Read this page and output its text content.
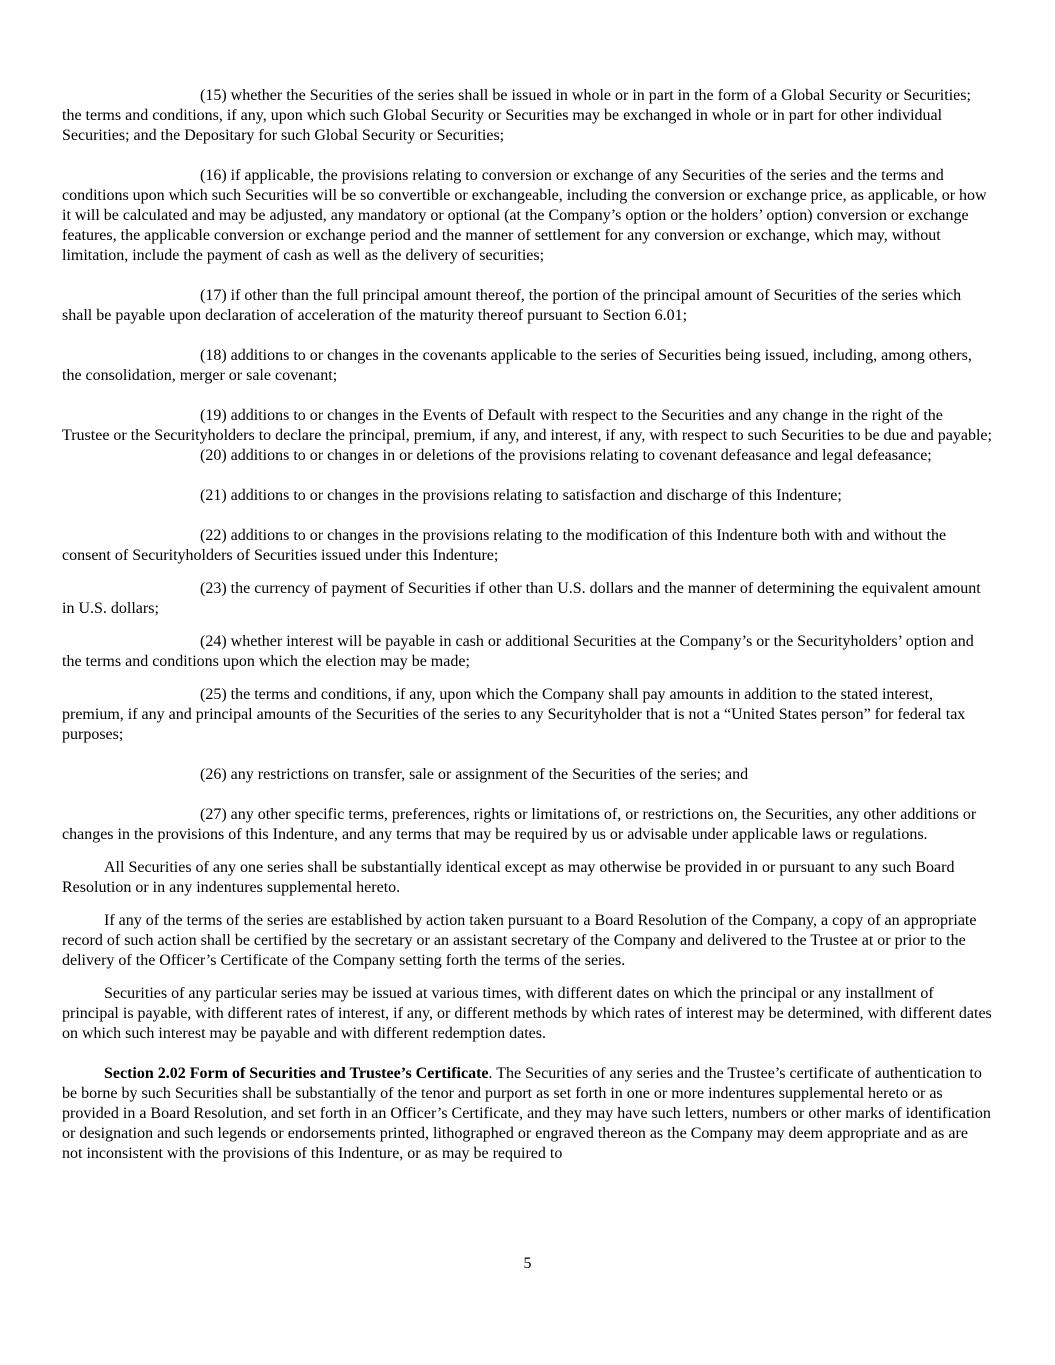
(15) whether the Securities of the series shall be issued in whole or in part in the form of a Global Security or Securities; the terms and conditions, if any, upon which such Global Security or Securities may be exchanged in whole or in part for other individual Securities; and the Depositary for such Global Security or Securities;

(16) if applicable, the provisions relating to conversion or exchange of any Securities of the series and the terms and conditions upon which such Securities will be so convertible or exchangeable, including the conversion or exchange price, as applicable, or how it will be calculated and may be adjusted, any mandatory or optional (at the Company’s option or the holders’ option) conversion or exchange features, the applicable conversion or exchange period and the manner of settlement for any conversion or exchange, which may, without limitation, include the payment of cash as well as the delivery of securities;

(17) if other than the full principal amount thereof, the portion of the principal amount of Securities of the series which shall be payable upon declaration of acceleration of the maturity thereof pursuant to Section 6.01;

(18) additions to or changes in the covenants applicable to the series of Securities being issued, including, among others, the consolidation, merger or sale covenant;

(19) additions to or changes in the Events of Default with respect to the Securities and any change in the right of the Trustee or the Securityholders to declare the principal, premium, if any, and interest, if any, with respect to such Securities to be due and payable;

(20) additions to or changes in or deletions of the provisions relating to covenant defeasance and legal defeasance;

(21) additions to or changes in the provisions relating to satisfaction and discharge of this Indenture;

(22) additions to or changes in the provisions relating to the modification of this Indenture both with and without the consent of Securityholders of Securities issued under this Indenture;

(23) the currency of payment of Securities if other than U.S. dollars and the manner of determining the equivalent amount in U.S. dollars;

(24) whether interest will be payable in cash or additional Securities at the Company’s or the Securityholders’ option and the terms and conditions upon which the election may be made;

(25) the terms and conditions, if any, upon which the Company shall pay amounts in addition to the stated interest, premium, if any and principal amounts of the Securities of the series to any Securityholder that is not a “United States person” for federal tax purposes;

(26) any restrictions on transfer, sale or assignment of the Securities of the series; and

(27) any other specific terms, preferences, rights or limitations of, or restrictions on, the Securities, any other additions or changes in the provisions of this Indenture, and any terms that may be required by us or advisable under applicable laws or regulations.

All Securities of any one series shall be substantially identical except as may otherwise be provided in or pursuant to any such Board Resolution or in any indentures supplemental hereto.

If any of the terms of the series are established by action taken pursuant to a Board Resolution of the Company, a copy of an appropriate record of such action shall be certified by the secretary or an assistant secretary of the Company and delivered to the Trustee at or prior to the delivery of the Officer’s Certificate of the Company setting forth the terms of the series.

Securities of any particular series may be issued at various times, with different dates on which the principal or any installment of principal is payable, with different rates of interest, if any, or different methods by which rates of interest may be determined, with different dates on which such interest may be payable and with different redemption dates.

Section 2.02 Form of Securities and Trustee’s Certificate. The Securities of any series and the Trustee’s certificate of authentication to be borne by such Securities shall be substantially of the tenor and purport as set forth in one or more indentures supplemental hereto or as provided in a Board Resolution, and set forth in an Officer’s Certificate, and they may have such letters, numbers or other marks of identification or designation and such legends or endorsements printed, lithographed or engraved thereon as the Company may deem appropriate and as are not inconsistent with the provisions of this Indenture, or as may be required to

5
